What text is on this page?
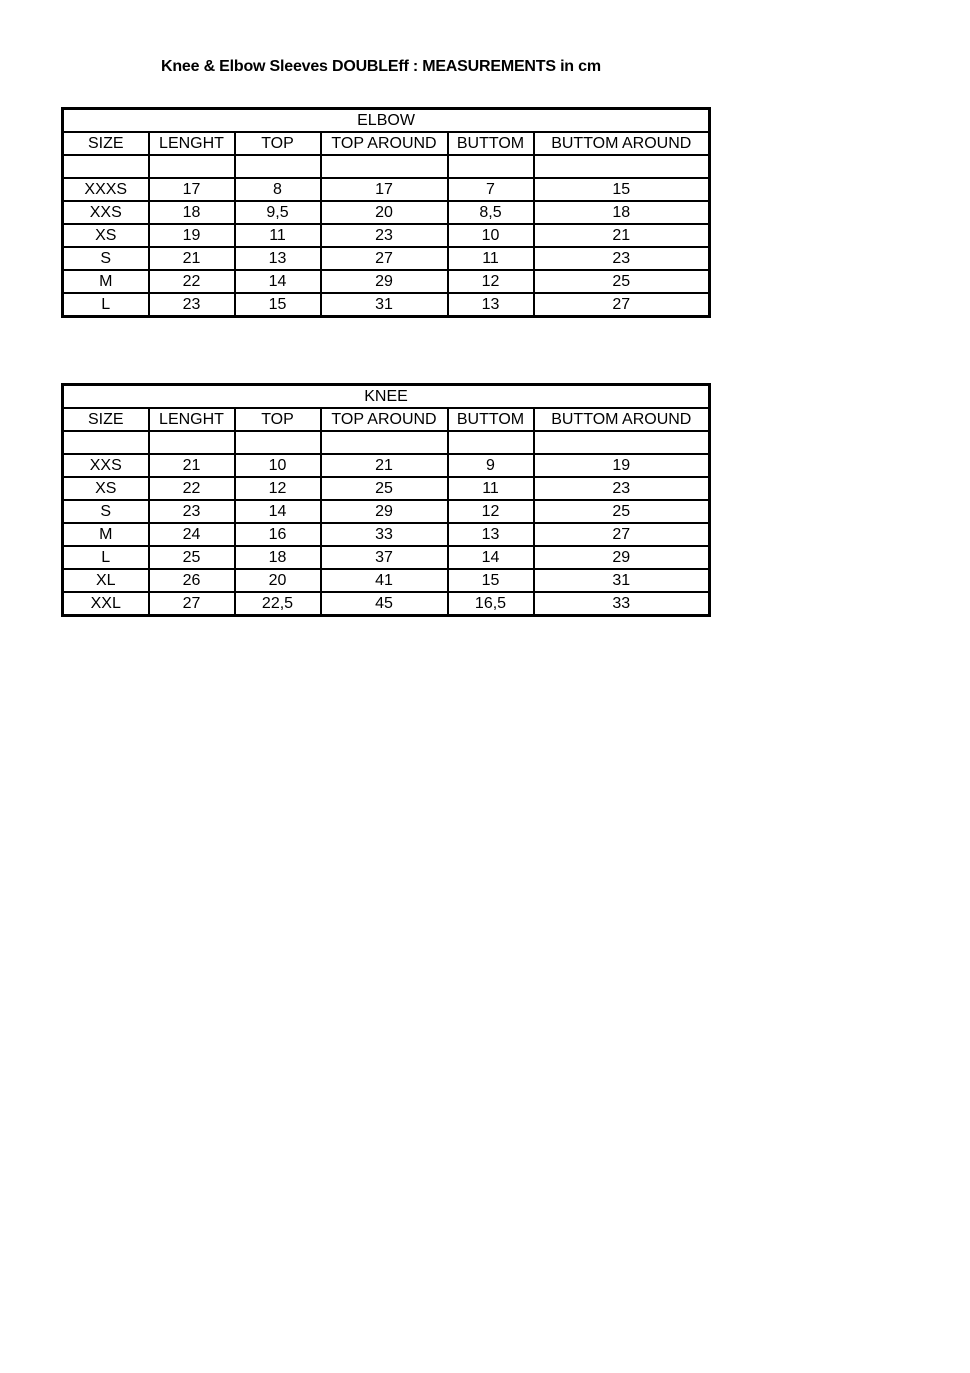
Knee & Elbow Sleeves DOUBLEff : MEASUREMENTS in cm
ELBOW					
SIZE	LENGHT	TOP	TOP AROUND	BUTTOM	BUTTOM AROUND

XXXS	17	8	17	7	15
XXS	18	9,5	20	8,5	18
XS	19	11	23	10	21
S	21	13	27	11	23
M	22	14	29	12	25
L	23	15	31	13	27
KNEE					
SIZE	LENGHT	TOP	TOP AROUND	BUTTOM	BUTTOM AROUND

XXS	21	10	21	9	19
XS	22	12	25	11	23
S	23	14	29	12	25
M	24	16	33	13	27
L	25	18	37	14	29
XL	26	20	41	15	31
XXL	27	22,5	45	16,5	33
